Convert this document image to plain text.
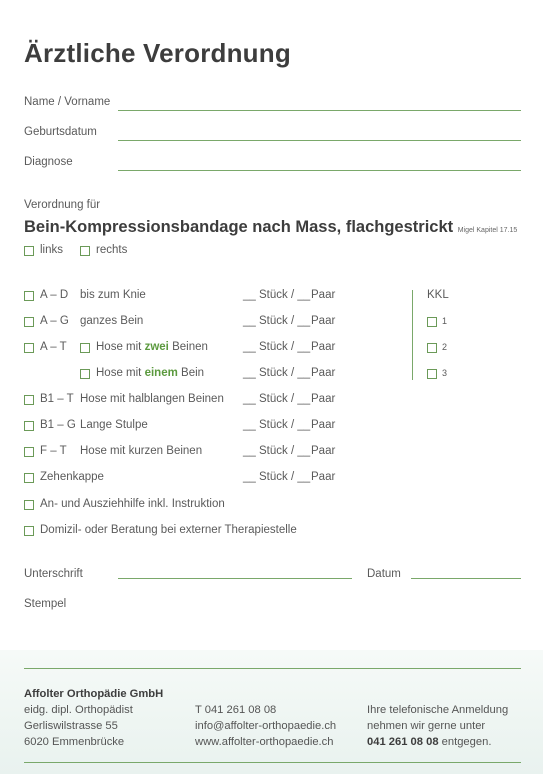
Ärztliche Verordnung
Name / Vorname
Geburtsdatum
Diagnose
Verordnung für
Bein-Kompressionsbandage nach Mass, flachgestrickt Migel Kapitel 17.15
links	rechts
A – D bis zum Knie	__ Stück / __ Paar
A – G ganzes Bein	__ Stück / __ Paar
A – T	Hose mit zwei Beinen	__ Stück / __ Paar
Hose mit einem Bein	__ Stück / __ Paar
B1 – T Hose mit halblangen Beinen __ Stück / __ Paar
B1 – G Lange Stulpe	__ Stück / __ Paar
F – T Hose mit kurzen Beinen	__ Stück / __ Paar
Zehenkappe	__ Stück / __ Paar
KKL
1
2
3
An- und Ausziehhilfe inkl. Instruktion
Domizil- oder Beratung bei externer Therapiestelle
Unterschrift	Datum
Stempel
Affolter Orthopädie GmbH
eidg. dipl. Orthopädist
Gerliswilstrasse 55
6020 Emmenbrücke
T 041 261 08 08
info@affolter-orthopaedie.ch
www.affolter-orthopaedie.ch
Ihre telefonische Anmeldung
nehmen wir gerne unter
041 261 08 08 entgegen.
